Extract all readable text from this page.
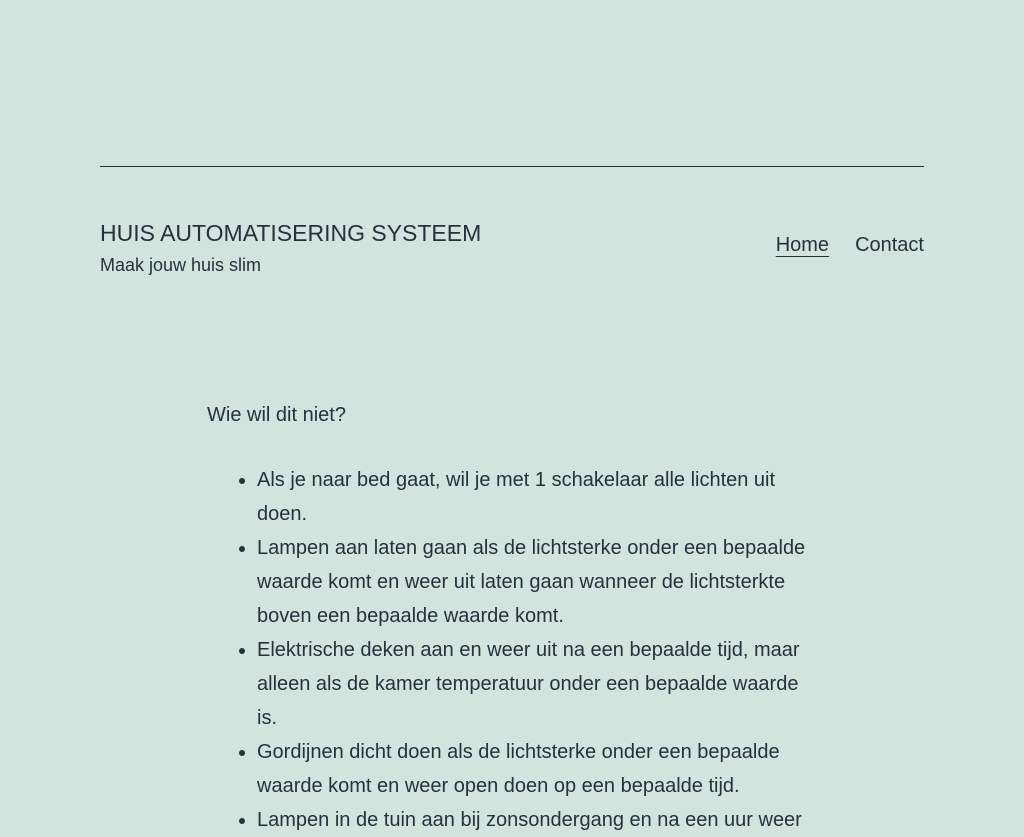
HUIS AUTOMATISERING SYSTEEM

Maak jouw huis slim

Home Contact

Wie wil dit niet?

• Als je naar bed gaat, wil je met 1 schakelaar alle lichten uit doen.
• Lampen aan laten gaan als de lichtsterke onder een bepaalde waarde komt en weer uit laten gaan wanneer de lichtsterkte boven een bepaalde waarde komt.
• Elektrische deken aan en weer uit na een bepaalde tijd, maar alleen als de kamer temperatuur onder een bepaalde waarde is.
• Gordijnen dicht doen als de lichtsterke onder een bepaalde waarde komt en weer open doen op een bepaalde tijd.
• Lampen in de tuin aan bij zonsondergang en na een uur weer
